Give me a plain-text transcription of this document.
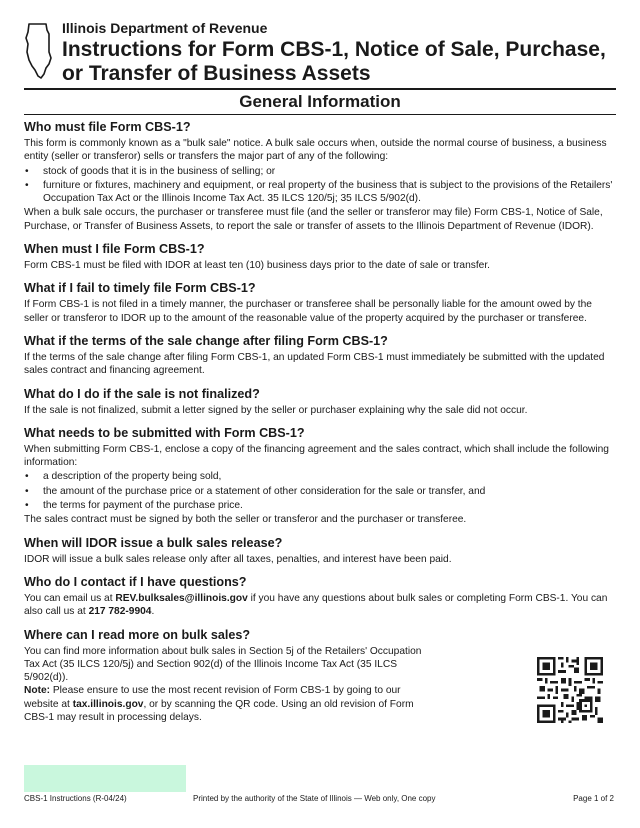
Illinois Department of Revenue
Instructions for Form CBS-1, Notice of Sale, Purchase,
or Transfer of Business Assets
General Information
Who must file Form CBS-1?

This form is commonly known as a "bulk sale" notice. A bulk sale occurs when, outside the normal course of business, a business entity (seller or transferor) sells or transfers the major part of any of the following:

• stock of goods that it is in the business of selling; or
• furniture or fixtures, machinery and equipment, or real property of the business that is subject to the provisions of the Retailers' Occupation Tax Act or the Illinois Income Tax Act. 35 ILCS 120/5j; 35 ILCS 5/902(d).

When a bulk sale occurs, the purchaser or transferee must file (and the seller or transferor may file) Form CBS-1, Notice of Sale, Purchase, or Transfer of Business Assets, to report the sale or transfer of assets to the Illinois Department of Revenue (IDOR).

When must I file Form CBS-1?

Form CBS-1 must be filed with IDOR at least ten (10) business days prior to the date of sale or transfer.

What if I fail to timely file Form CBS-1?

If Form CBS-1 is not filed in a timely manner, the purchaser or transferee shall be personally liable for the amount owed by the seller or transferor to IDOR up to the amount of the reasonable value of the property acquired by the purchaser or transferee.

What if the terms of the sale change after filing Form CBS-1?

If the terms of the sale change after filing Form CBS-1, an updated Form CBS-1 must immediately be submitted with the updated sales contract and financing agreement.

What do I do if the sale is not finalized?

If the sale is not finalized, submit a letter signed by the seller or purchaser explaining why the sale did not occur.

What needs to be submitted with Form CBS-1?

When submitting Form CBS-1, enclose a copy of the financing agreement and the sales contract, which shall include the following information:

• a description of the property being sold,
• the amount of the purchase price or a statement of other consideration for the sale or transfer, and
• the terms for payment of the purchase price.

The sales contract must be signed by both the seller or transferor and the purchaser or transferee.

When will IDOR issue a bulk sales release?

IDOR will issue a bulk sales release only after all taxes, penalties, and interest have been paid.

Who do I contact if I have questions?

You can email us at REV.bulksales@illinois.gov if you have any questions about bulk sales or completing Form CBS-1. You can also call us at 217 782-9904.

Where can I read more on bulk sales?

You can find more information about bulk sales in Section 5j of the Retailers' Occupation Tax Act (35 ILCS 120/5j) and Section 902(d) of the Illinois Income Tax Act (35 ILCS 5/902(d)).

Note: Please ensure to use the most recent revision of Form CBS-1 by going to our website at tax.illinois.gov, or by scanning the QR code. Using an old revision of Form CBS-1 may result in processing delays.

CBS-1 Instructions (R-04/24)	Printed by the authority of the State of Illinois — Web only, One copy	Page 1 of 2
